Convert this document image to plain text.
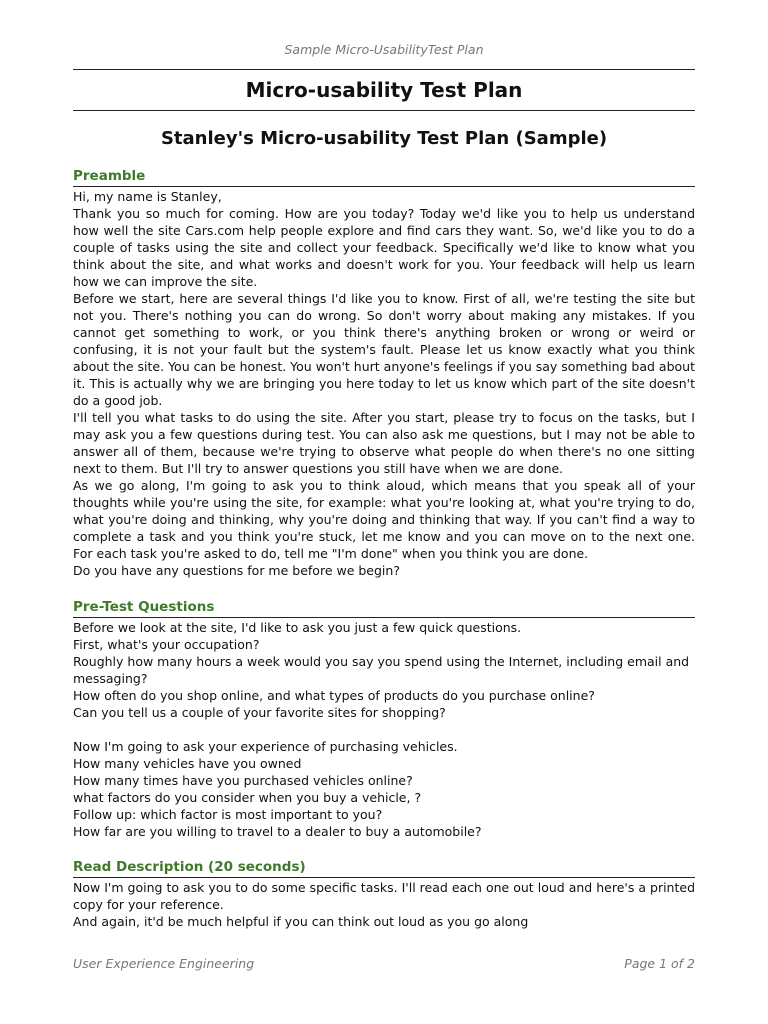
Sample Micro-UsabilityTest Plan
Micro-usability Test Plan
Stanley's Micro-usability Test Plan (Sample)
Preamble

Hi, my name is Stanley,

Thank you so much for coming. How are you today? Today we'd like you to help us understand how well the site Cars.com help people explore and find cars they want. So, we'd like you to do a couple of tasks using the site and collect your feedback. Specifically we'd like to know what you think about the site, and what works and doesn't work for you. Your feedback will help us learn how we can improve the site.

Before we start, here are several things I'd like you to know. First of all, we're testing the site but not you. There's nothing you can do wrong. So don't worry about making any mistakes. If you cannot get something to work, or you think there's anything broken or wrong or weird or confusing, it is not your fault but the system's fault. Please let us know exactly what you think about the site. You can be honest. You won't hurt anyone's feelings if you say something bad about it. This is actually why we are bringing you here today to let us know which part of the site doesn't do a good job.

I'll tell you what tasks to do using the site. After you start, please try to focus on the tasks, but I may ask you a few questions during test. You can also ask me questions, but I may not be able to answer all of them, because we're trying to observe what people do when there's no one sitting next to them. But I'll try to answer questions you still have when we are done.

As we go along, I'm going to ask you to think aloud, which means that you speak all of your thoughts while you're using the site, for example: what you're looking at, what you're trying to do, what you're doing and thinking, why you're doing and thinking that way. If you can't find a way to complete a task and you think you're stuck, let me know and you can move on to the next one. For each task you're asked to do, tell me "I'm done" when you think you are done.

Do you have any questions for me before we begin?

Pre-Test Questions

Before we look at the site, I'd like to ask you just a few quick questions.

First, what's your occupation?

Roughly how many hours a week would you say you spend using the Internet, including email and messaging?

How often do you shop online, and what types of products do you purchase online?

Can you tell us a couple of your favorite sites for shopping?

Now I'm going to ask your experience of purchasing vehicles.

How many vehicles have you owned

How many times have you purchased vehicles online?

what factors do you consider when you buy a vehicle, ?

Follow up: which factor is most important to you?

How far are you willing to travel to a dealer to buy a automobile?

Read Description (20 seconds)

Now I'm going to ask you to do some specific tasks. I'll read each one out loud and here's a printed copy for your reference.

And again, it'd be much helpful if you can think out loud as you go along

User Experience Engineering	Page 1 of 2
